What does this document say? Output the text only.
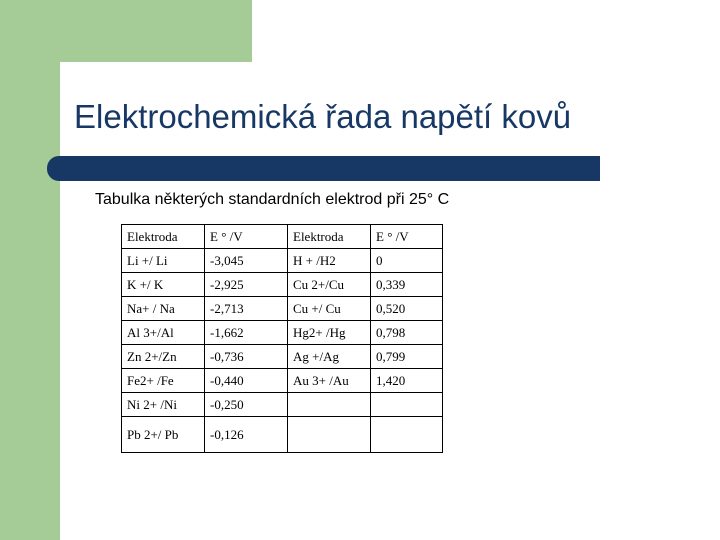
Elektrochemická řada napětí kovů

Tabulka některých standardních elektrod při 25° C

Elektroda	E ° /V	Elektroda	E ° /V
Li +/ Li	-3,045	H + /H2	0
K +/ K	-2,925	Cu 2+/Cu	0,339
Na+ / Na	-2,713	Cu +/ Cu	0,520
Al 3+/Al	-1,662	Hg2+ /Hg	0,798
Zn 2+/Zn	-0,736	Ag +/Ag	0,799
Fe2+ /Fe	-0,440	Au 3+ /Au	1,420
Ni 2+ /Ni	-0,250		
Pb 2+/ Pb	-0,126		
